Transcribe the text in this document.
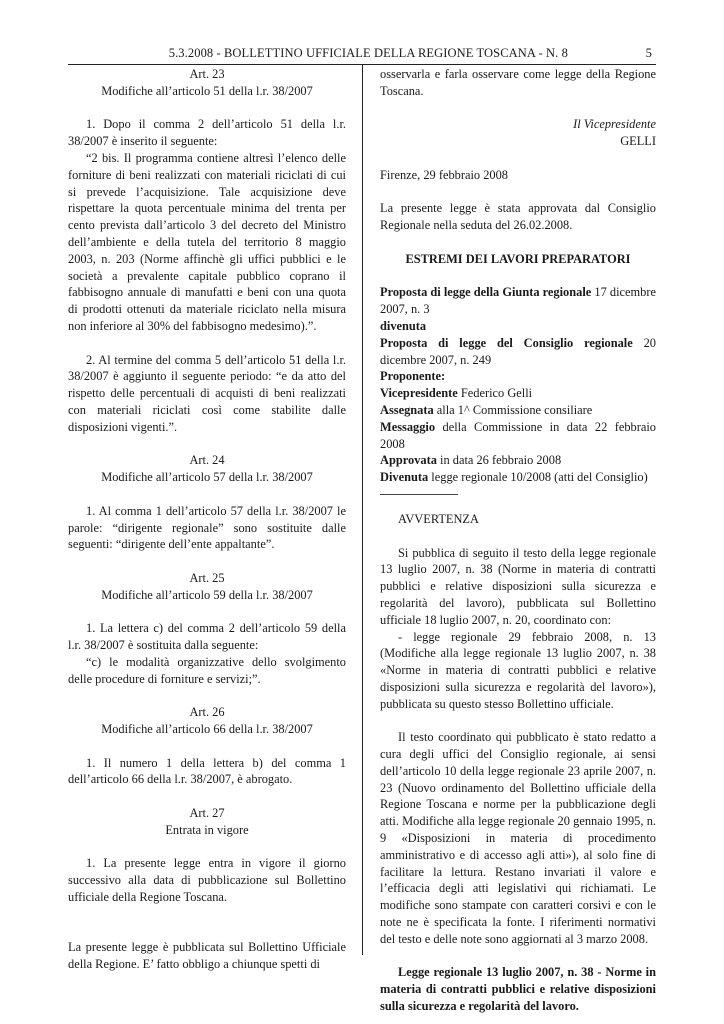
5.3.2008 - BOLLETTINO UFFICIALE DELLA REGIONE TOSCANA - N. 8	5

Art. 23

Modifiche all’articolo 51 della l.r. 38/2007

1. Dopo il comma 2 dell’articolo 51 della l.r. 38/2007 è inserito il seguente:

“2 bis. Il programma contiene altresì l’elenco delle forniture di beni realizzati con materiali riciclati di cui si prevede l’acquisizione. Tale acquisizione deve rispettare la quota percentuale minima del trenta per cento prevista dall’articolo 3 del decreto del Ministro dell’ambiente e della tutela del territorio 8 maggio 2003, n. 203 (Norme affinchè gli uffici pubblici e le società a prevalente capitale pubblico coprano il fabbisogno annuale di manufatti e beni con una quota di prodotti ottenuti da materiale riciclato nella misura non inferiore al 30% del fabbisogno medesimo).”.

2. Al termine del comma 5 dell’articolo 51 della l.r. 38/2007 è aggiunto il seguente periodo: “e da atto del rispetto delle percentuali di acquisti di beni realizzati con materiali riciclati così come stabilite dalle disposizioni vigenti.”.

Art. 24

Modifiche all’articolo 57 della l.r. 38/2007

1. Al comma 1 dell’articolo 57 della l.r. 38/2007 le parole: “dirigente regionale” sono sostituite dalle seguenti: “dirigente dell’ente appaltante”.

Art. 25

Modifiche all’articolo 59 della l.r. 38/2007

1. La lettera c) del comma 2 dell’articolo 59 della l.r. 38/2007 è sostituita dalla seguente:

“c) le modalità organizzative dello svolgimento delle procedure di forniture e servizi;”.

Art. 26

Modifiche all’articolo 66 della l.r. 38/2007

1. Il numero 1 della lettera b) del comma 1 dell’articolo 66 della l.r. 38/2007, è abrogato.

Art. 27

Entrata in vigore

1. La presente legge entra in vigore il giorno successivo alla data di pubblicazione sul Bollettino ufficiale della Regione Toscana.

La presente legge è pubblicata sul Bollettino Ufficiale della Regione. E’ fatto obbligo a chiunque spetti di

osservarla e farla osservare come legge della Regione Toscana.

Il Vicepresidente

GELLI

Firenze, 29 febbraio 2008

La presente legge è stata approvata dal Consiglio Regionale nella seduta del 26.02.2008.

ESTREMI DEI LAVORI PREPARATORI

Proposta di legge della Giunta regionale 17 dicembre 2007, n. 3

divenuta

Proposta di legge del Consiglio regionale 20 dicembre 2007, n. 249

Proponente:

Vicepresidente Federico Gelli

Assegnata alla 1^ Commissione consiliare

Messaggio della Commissione in data 22 febbraio 2008

Approvata in data 26 febbraio 2008

Divenuta legge regionale 10/2008 (atti del Consiglio)

AVVERTENZA

Si pubblica di seguito il testo della legge regionale 13 luglio 2007, n. 38 (Norme in materia di contratti pubblici e relative disposizioni sulla sicurezza e regolarità del lavoro), pubblicata sul Bollettino ufficiale 18 luglio 2007, n. 20, coordinato con:

- legge regionale 29 febbraio 2008, n. 13 (Modifiche alla legge regionale 13 luglio 2007, n. 38 «Norme in materia di contratti pubblici e relative disposizioni sulla sicurezza e regolarità del lavoro»), pubblicata su questo stesso Bollettino ufficiale.

Il testo coordinato qui pubblicato è stato redatto a cura degli uffici del Consiglio regionale, ai sensi dell’articolo 10 della legge regionale 23 aprile 2007, n. 23 (Nuovo ordinamento del Bollettino ufficiale della Regione Toscana e norme per la pubblicazione degli atti. Modifiche alla legge regionale 20 gennaio 1995, n. 9 «Disposizioni in materia di procedimento amministrativo e di accesso agli atti»), al solo fine di facilitare la lettura. Restano invariati il valore e l’efficacia degli atti legislativi qui richiamati. Le modifiche sono stampate con caratteri corsivi e con le note ne è specificata la fonte. I riferimenti normativi del testo e delle note sono aggiornati al 3 marzo 2008.

Legge regionale 13 luglio 2007, n. 38 - Norme in materia di contratti pubblici e relative disposizioni sulla sicurezza e regolarità del lavoro.
